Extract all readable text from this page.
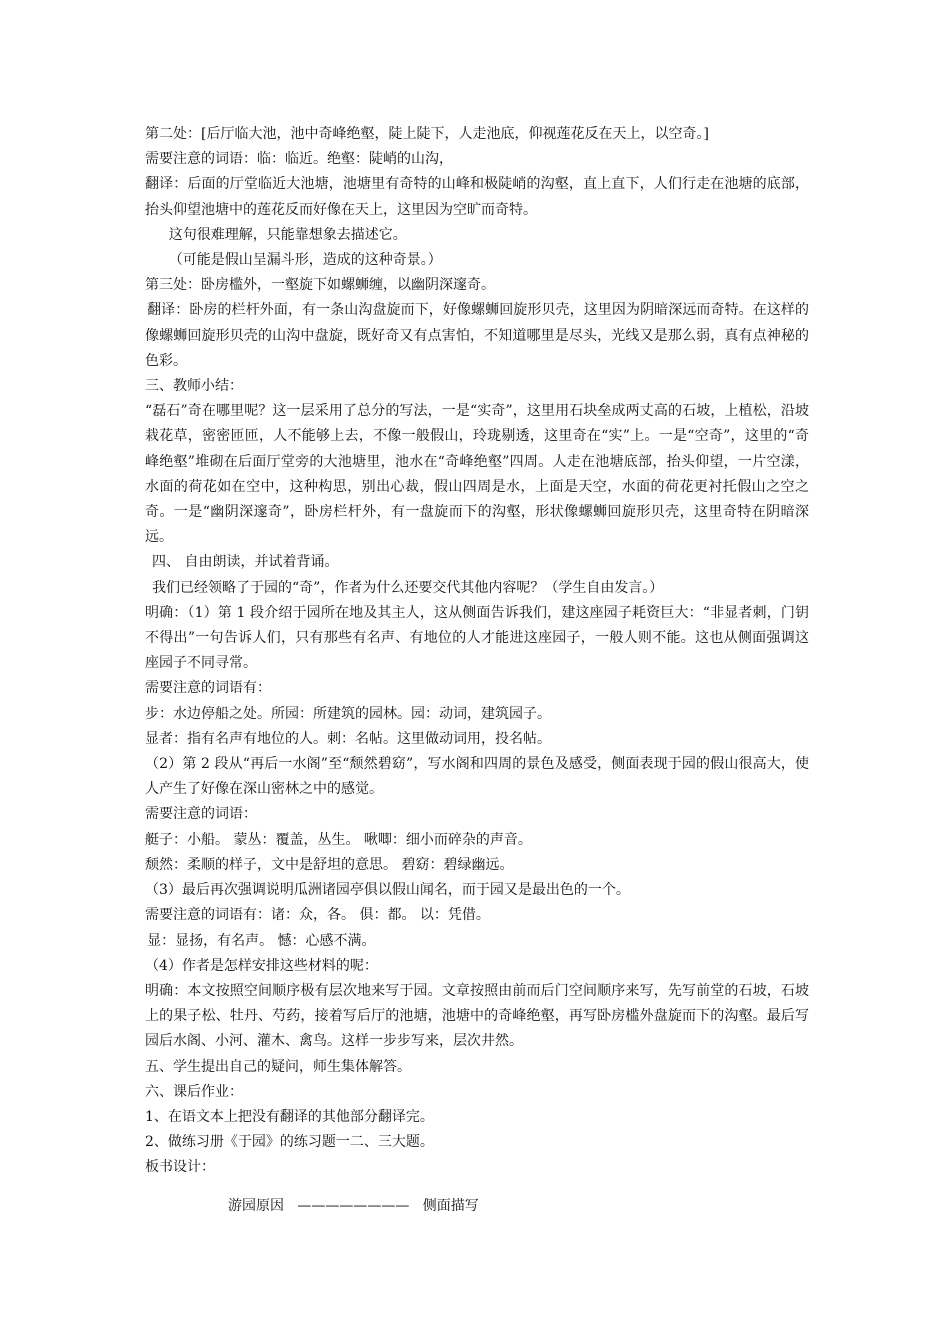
第二处：[后厅临大池，池中奇峰绝壑，陡上陡下，人走池底，仰视莲花反在天上，以空奇。]

需要注意的词语：临：临近。绝壑：陡峭的山沟，

翻译：后面的厅堂临近大池塘，池塘里有奇特的山峰和极陡峭的沟壑，直上直下，人们行走在池塘的底部，抬头仰望池塘中的莲花反而好像在天上，这里因为空旷而奇特。

这句很难理解，只能靠想象去描述它。

（可能是假山呈漏斗形，造成的这种奇景。）

第三处：卧房槛外，一壑旋下如螺蛳缠，以幽阴深邃奇。

翻译：卧房的栏杆外面，有一条山沟盘旋而下，好像螺蛳回旋形贝壳，这里因为阴暗深远而奇特。在这样的像螺蛳回旋形贝壳的山沟中盘旋，既好奇又有点害怕，不知道哪里是尽头，光线又是那么弱，真有点神秘的色彩。

三、教师小结：

“磊石”奇在哪里呢？这一层采用了总分的写法，一是“实奇”，这里用石块垒成两丈高的石坡，上植松，沿坡栽花草，密密匝匝，人不能够上去，不像一般假山，玲珑剔透，这里奇在“实”上。一是“空奇”，这里的“奇峰绝壑”堆砌在后面厅堂旁的大池塘里，池水在“奇峰绝壑”四周。人走在池塘底部，抬头仰望，一片空漾，水面的荷花如在空中，这种构思，别出心裁，假山四周是水，上面是天空，水面的荷花更衬托假山之空之奇。一是“幽阴深邃奇”，卧房栏杆外，有一盘旋而下的沟壑，形状像螺蛳回旋形贝壳，这里奇特在阴暗深远。

四、 自由朗读，并试着背诵。

我们已经领略了于园的“奇”，作者为什么还要交代其他内容呢？（学生自由发言。）

明确：（1）第 1 段介绍于园所在地及其主人，这从侧面告诉我们，建这座园子耗资巨大：“非显者刺，门钥不得出”一句告诉人们，只有那些有名声、有地位的人才能进这座园子，一般人则不能。这也从侧面强调这座园子不同寻常。

需要注意的词语有：

步：水边停船之处。所园：所建筑的园林。园：动词，建筑园子。

显者：指有名声有地位的人。刺：名帖。这里做动词用，投名帖。

（2）第 2 段从“再后一水阁”至“颓然碧窈”，写水阁和四周的景色及感受，侧面表现于园的假山很高大，使人产生了好像在深山密林之中的感觉。

需要注意的词语：

艇子：小船。 蒙丛：覆盖，丛生。 啾唧：细小而碎杂的声音。

颓然：柔顺的样子，文中是舒坦的意思。 碧窈：碧绿幽远。

（3）最后再次强调说明瓜洲诸园亭俱以假山闻名，而于园又是最出色的一个。

需要注意的词语有：诸：众，各。 俱：都。 以：凭借。

显：显扬，有名声。 憾：心感不满。

（4）作者是怎样安排这些材料的呢：

明确：本文按照空间顺序极有层次地来写于园。文章按照由前而后门空间顺序来写，先写前堂的石坡，石坡上的果子松、牡丹、芍药，接着写后厅的池塘，池塘中的奇峰绝壑，再写卧房槛外盘旋而下的沟壑。最后写园后水阁、小河、灌木、禽鸟。这样一步步写来，层次井然。

五、学生提出自己的疑问，师生集体解答。

六、课后作业：

1、在语文本上把没有翻译的其他部分翻译完。

2、做练习册《于园》的练习题一二、三大题。

板书设计：

游园原因 ———————— 侧面描写
